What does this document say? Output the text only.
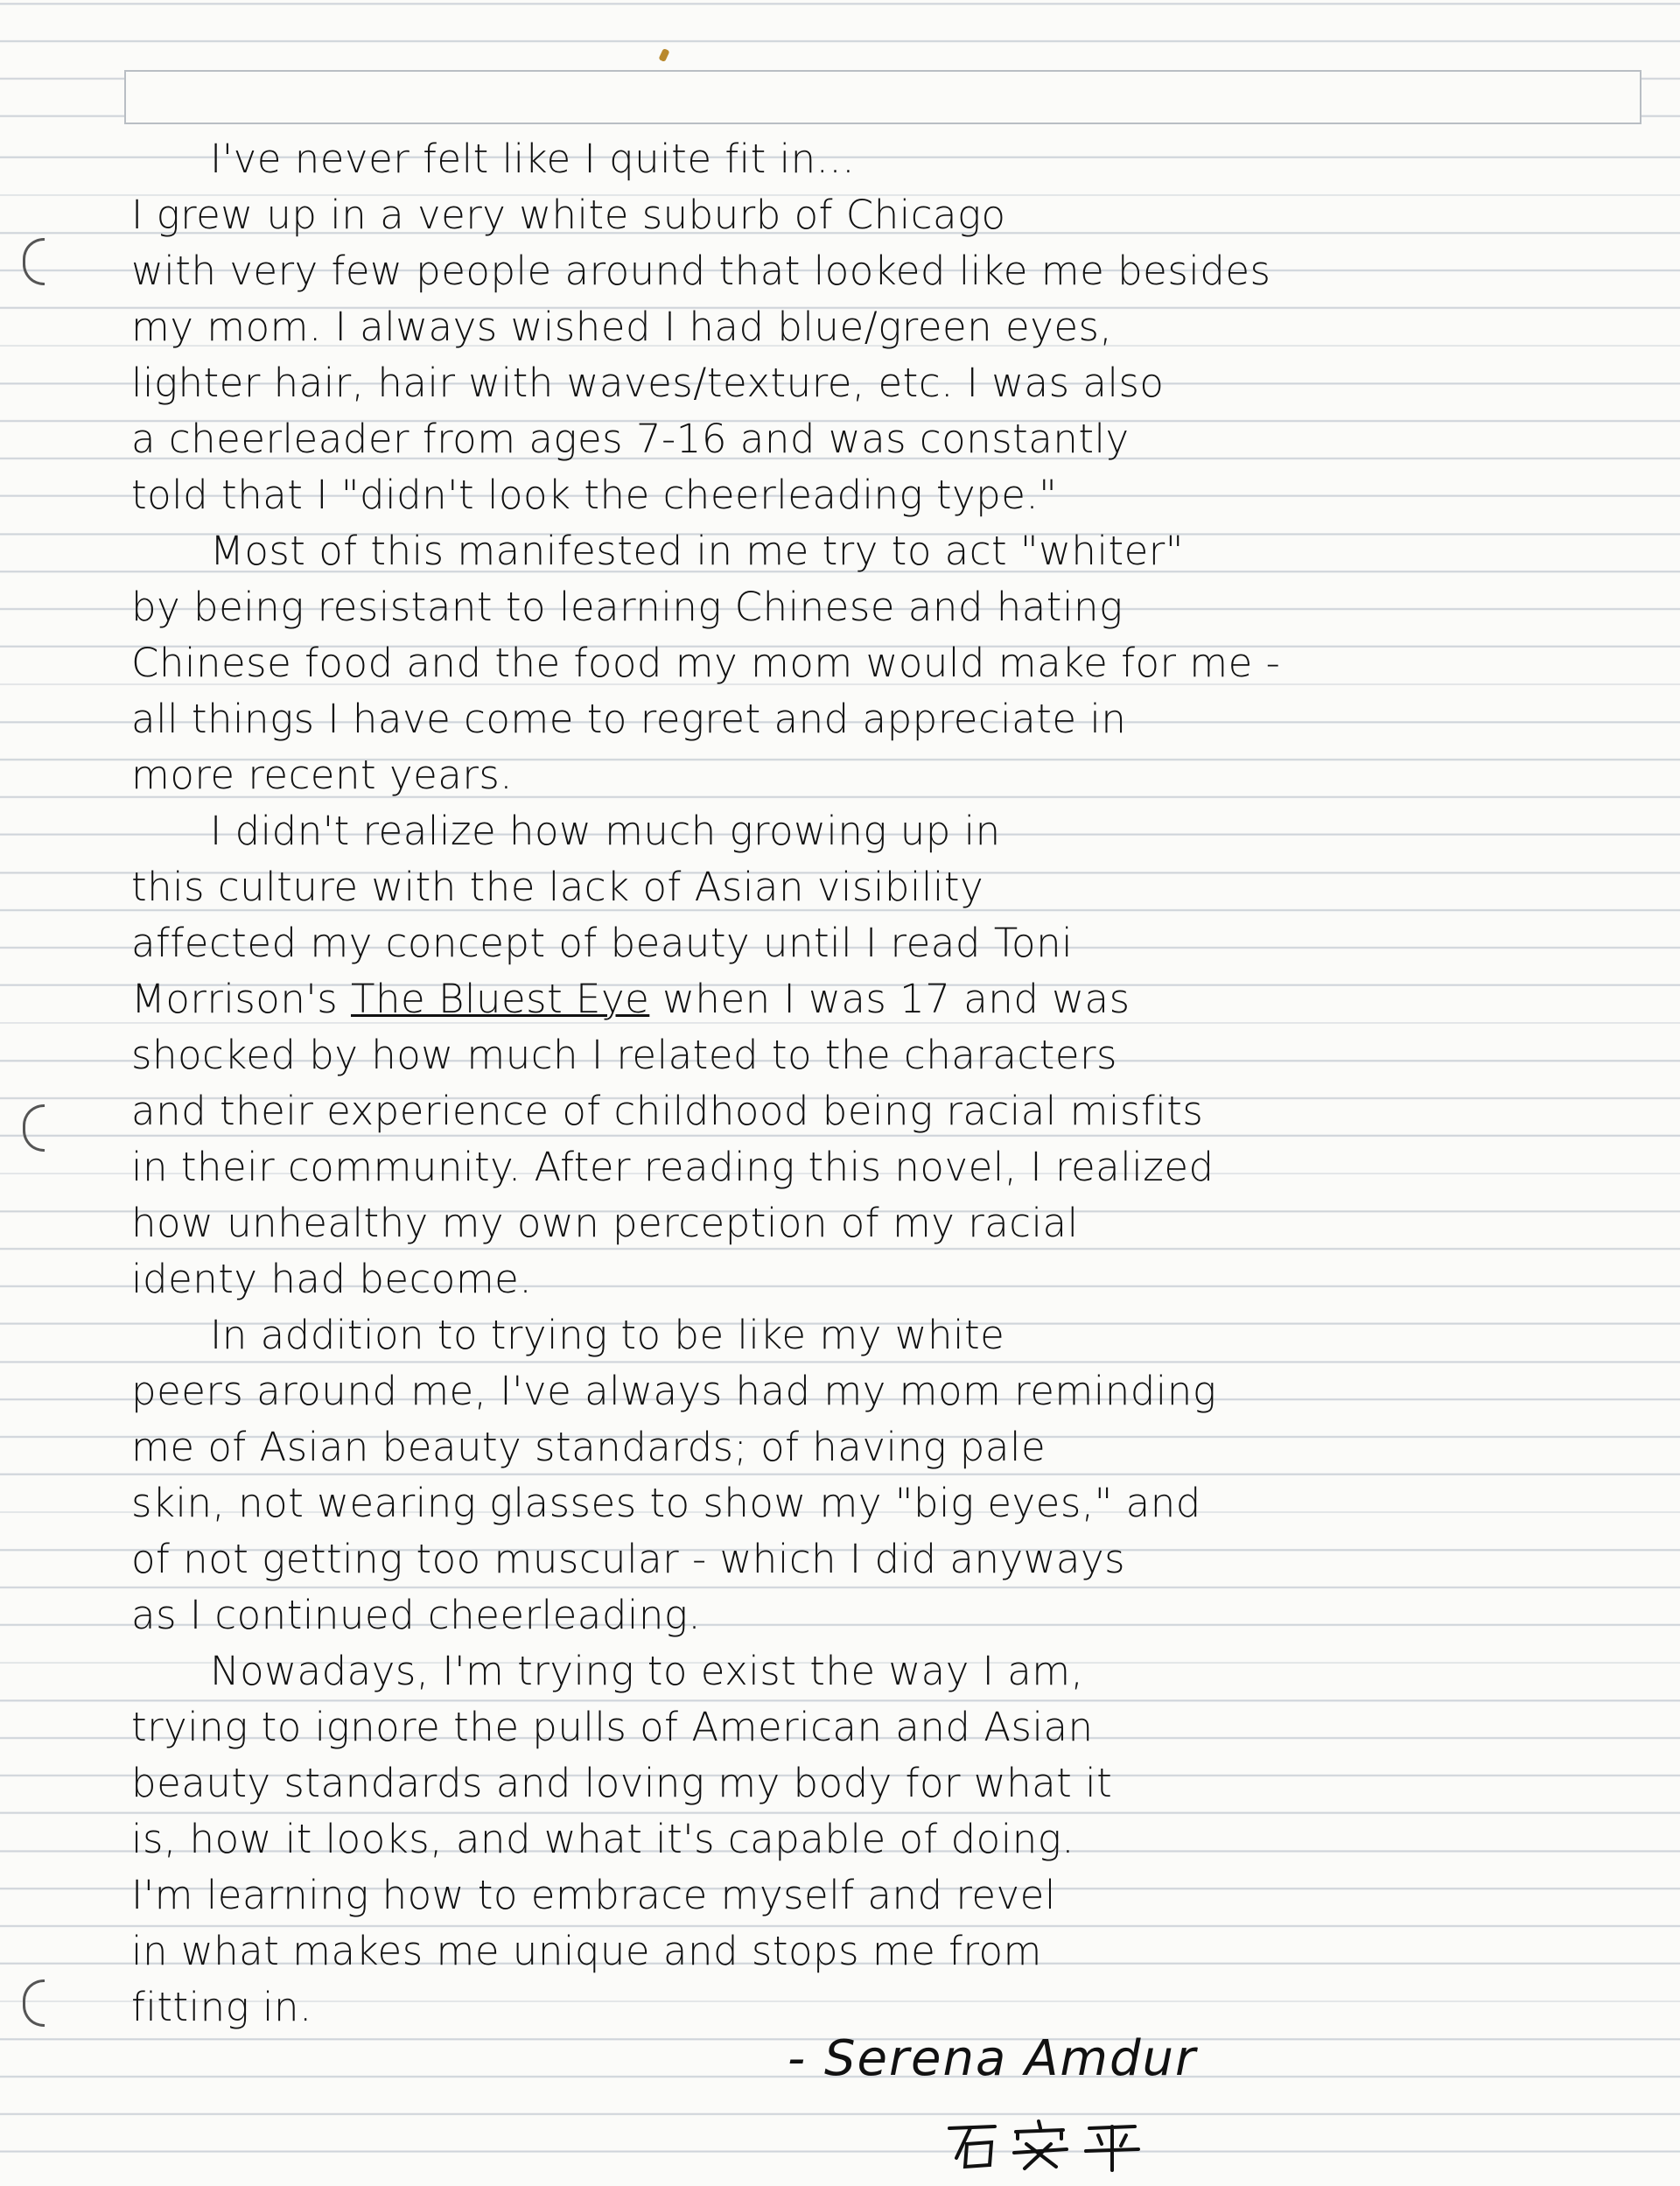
I've never felt like I quite fit in...
I grew up in a very white suburb of Chicago
with very few people around that looked like me besides
my mom. I always wished I had blue/green eyes,
lighter hair, hair with waves/texture, etc. I was also
a cheerleader from ages 7-16 and was constantly
told that I "didn't look the cheerleading type."
Most of this manifested in me try to act "whiter"
by being resistant to learning Chinese and hating
Chinese food and the food my mom would make for me -
all things I have come to regret and appreciate in
more recent years.
I didn't realize how much growing up in
this culture with the lack of Asian visibility
affected my concept of beauty until I read Toni
Morrison's The Bluest Eye when I was 17 and was
shocked by how much I related to the characters
and their experience of childhood being racial misfits
in their community. After reading this novel, I realized
how unhealthy my own perception of my racial
identy had become.
In addition to trying to be like my white
peers around me, I've always had my mom reminding
me of Asian beauty standards; of having pale
skin, not wearing glasses to show my "big eyes," and
of not getting too muscular - which I did anyways
as I continued cheerleading.
Nowadays, I'm trying to exist the way I am,
trying to ignore the pulls of American and Asian
beauty standards and loving my body for what it
is, how it looks, and what it's capable of doing.
I'm learning how to embrace myself and revel
in what makes me unique and stops me from
fitting in.
- Serena Amdur
